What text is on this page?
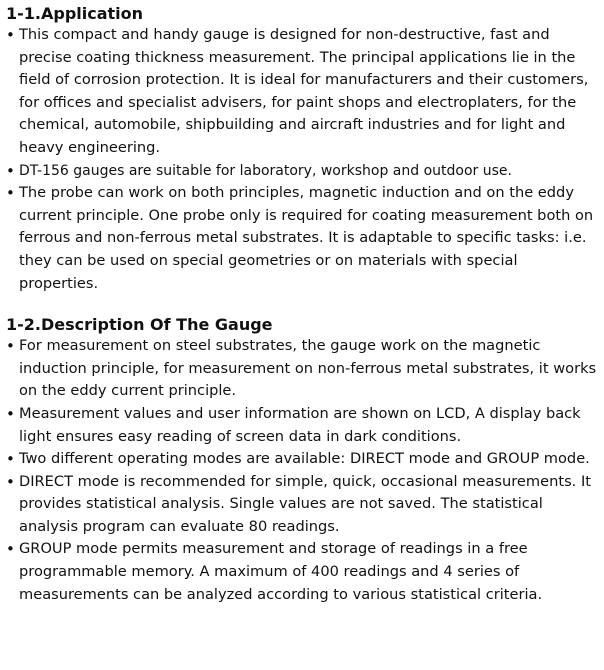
1-1.Application
• This compact and handy gauge is designed for non-destructive, fast and precise coating thickness measurement. The principal applications lie in the field of corrosion protection. It is ideal for manufacturers and their customers, for offices and specialist advisers, for paint shops and electroplaters, for the chemical, automobile, shipbuilding and aircraft industries and for light and heavy engineering.
• DT-156 gauges are suitable for laboratory, workshop and outdoor use.
• The probe can work on both principles, magnetic induction and on the eddy current principle. One probe only is required for coating measurement both on ferrous and non-ferrous metal substrates. It is adaptable to specific tasks: i.e. they can be used on special geometries or on materials with special properties.
1-2.Description Of The Gauge
• For measurement on steel substrates, the gauge work on the magnetic induction principle, for measurement on non-ferrous metal substrates, it works on the eddy current principle.
• Measurement values and user information are shown on LCD, A display back light ensures easy reading of screen data in dark conditions.
• Two different operating modes are available: DIRECT mode and GROUP mode.
• DIRECT mode is recommended for simple, quick, occasional measurements. It provides statistical analysis. Single values are not saved. The statistical analysis program can evaluate 80 readings.
• GROUP mode permits measurement and storage of readings in a free programmable memory. A maximum of 400 readings and 4 series of measurements can be analyzed according to various statistical criteria.
